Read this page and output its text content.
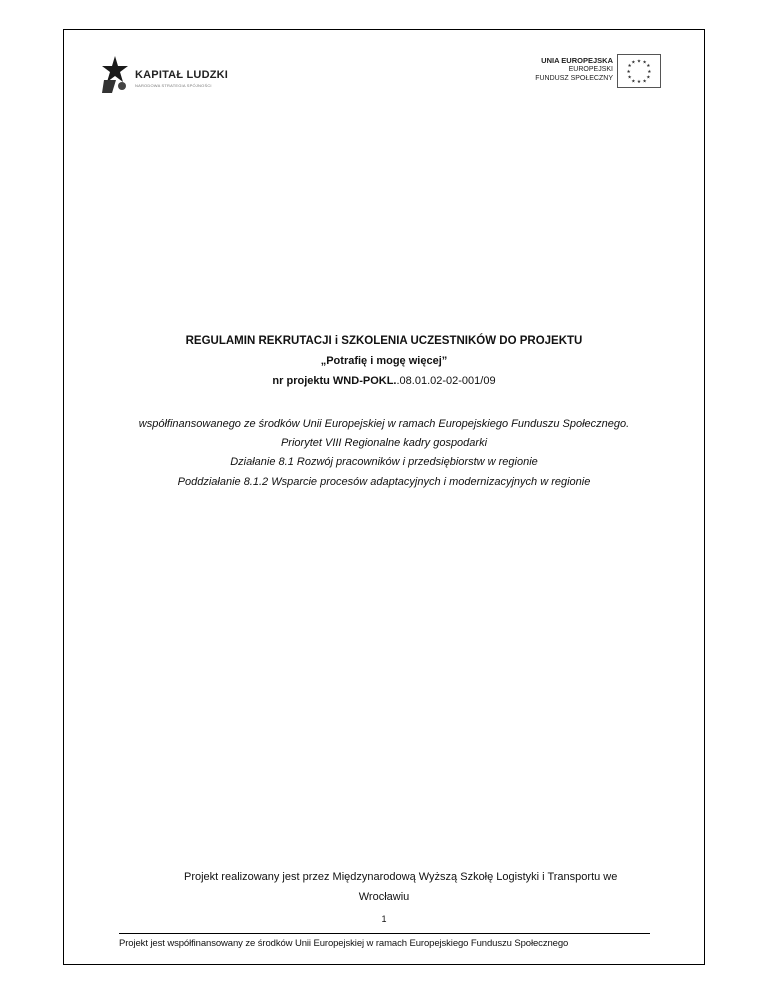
KAPITAŁ LUDZKI
NARODOWA STRATEGIA SPÓJNOŚCI
UNIA EUROPEJSKA
EUROPEJSKI
FUNDUSZ SPOŁECZNY
★ ★
★
★
★
★
★
★
★
★
★
★
REGULAMIN REKRUTACJI i SZKOLENIA UCZESTNIKÓW DO PROJEKTU
„Potrafię i mogę więcej”
nr projektu WND-POKL..08.01.02-02-001/09
współfinansowanego ze środków Unii Europejskiej w ramach Europejskiego Funduszu Społecznego.
Priorytet VIII Regionalne kadry gospodarki
Działanie 8.1 Rozwój pracowników i przedsiębiorstw w regionie
Poddziałanie 8.1.2 Wsparcie procesów adaptacyjnych i modernizacyjnych w regionie
Projekt realizowany jest przez Międzynarodową Wyższą Szkołę Logistyki i Transportu we
Wrocławiu
1
Projekt jest współfinansowany ze środków Unii Europejskiej w ramach Europejskiego Funduszu Społecznego
